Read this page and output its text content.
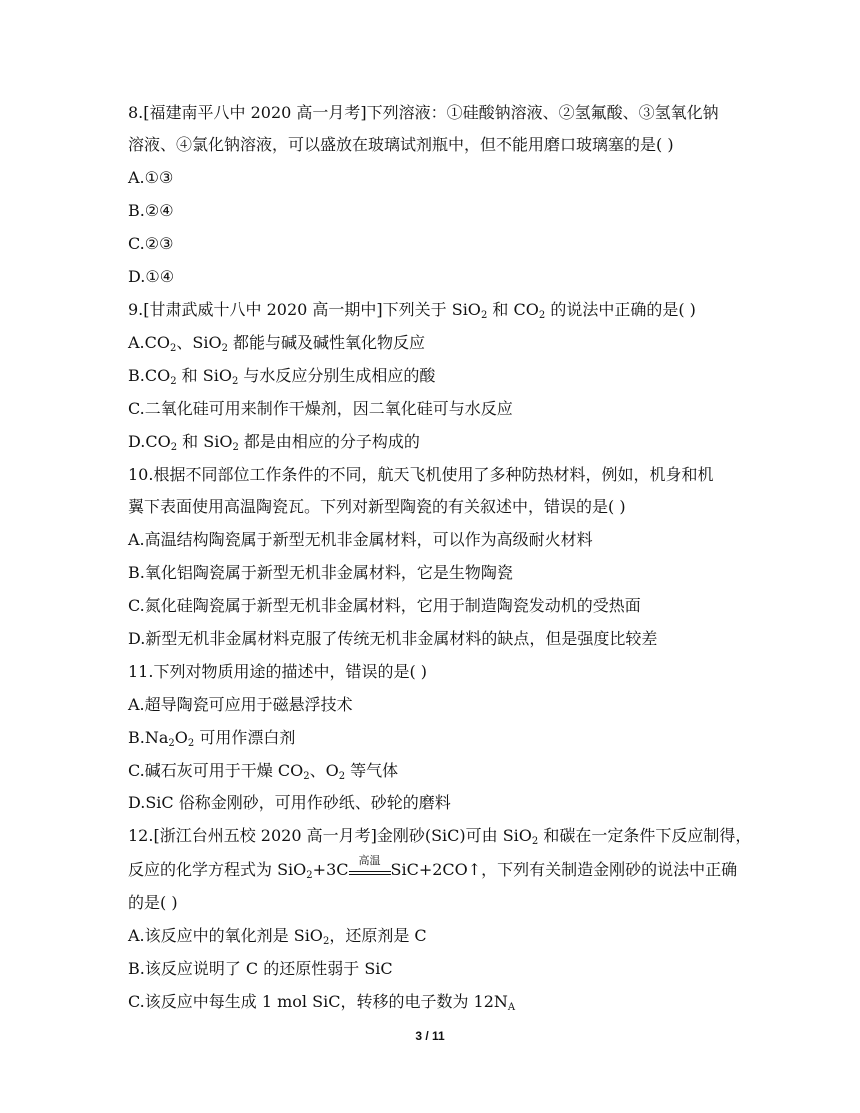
8.[福建南平八中 2020 高一月考]下列溶液：①硅酸钠溶液、②氢氟酸、③氢氧化钠
溶液、④氯化钠溶液，可以盛放在玻璃试剂瓶中，但不能用磨口玻璃塞的是( )
A.①③
B.②④
C.②③
D.①④
9.[甘肃武威十八中 2020 高一期中]下列关于 SiO$_2$ 和 $CO_2$ 的说法中正确的是( )
$A.CO_2$、SiO$_2$ 都能与碱及碱性氧化物反应
$B.CO_2$ 和 SiO$_2$ 与水反应分别生成相应的酸
C.二氧化硅可用来制作干燥剂，因二氧化硅可与水反应
$D.CO_2$ 和 SiO$_2$ 都是由相应的分子构成的
10.根据不同部位工作条件的不同，航天飞机使用了多种防热材料，例如，机身和机
翼下表面使用高温陶瓷瓦。下列对新型陶瓷的有关叙述中，错误的是( )
A.高温结构陶瓷属于新型无机非金属材料，可以作为高级耐火材料
B.氧化铝陶瓷属于新型无机非金属材料，它是生物陶瓷
C.氮化硅陶瓷属于新型无机非金属材料，它用于制造陶瓷发动机的受热面
D.新型无机非金属材料克服了传统无机非金属材料的缺点，但是强度比较差
11.下列对物质用途的描述中，错误的是( )
A.超导陶瓷可应用于磁悬浮技术
$B.Na_2O_2$ 可用作漂白剂
C.碱石灰可用于干燥 $CO_2$、$O_2$ 等气体
D.SiC 俗称金刚砂，可用作砂纸、砂轮的磨料
12.[浙江台州五校 2020 高一月考]金刚砂(SiC)可由 SiO$_2$ 和碳在一定条件下反应制得，
反应的化学方程式为 SiO$_2$+3C 高温 SiC+2CO↑，下列有关制造金刚砂的说法中正确
的是( )
A.该反应中的氧化剂是 SiO$_2$，还原剂是 C
B.该反应说明了 C 的还原性弱于 SiC
C.该反应中每生成 1 mol SiC，转移的电子数为 $12N_A$
3 / 11
